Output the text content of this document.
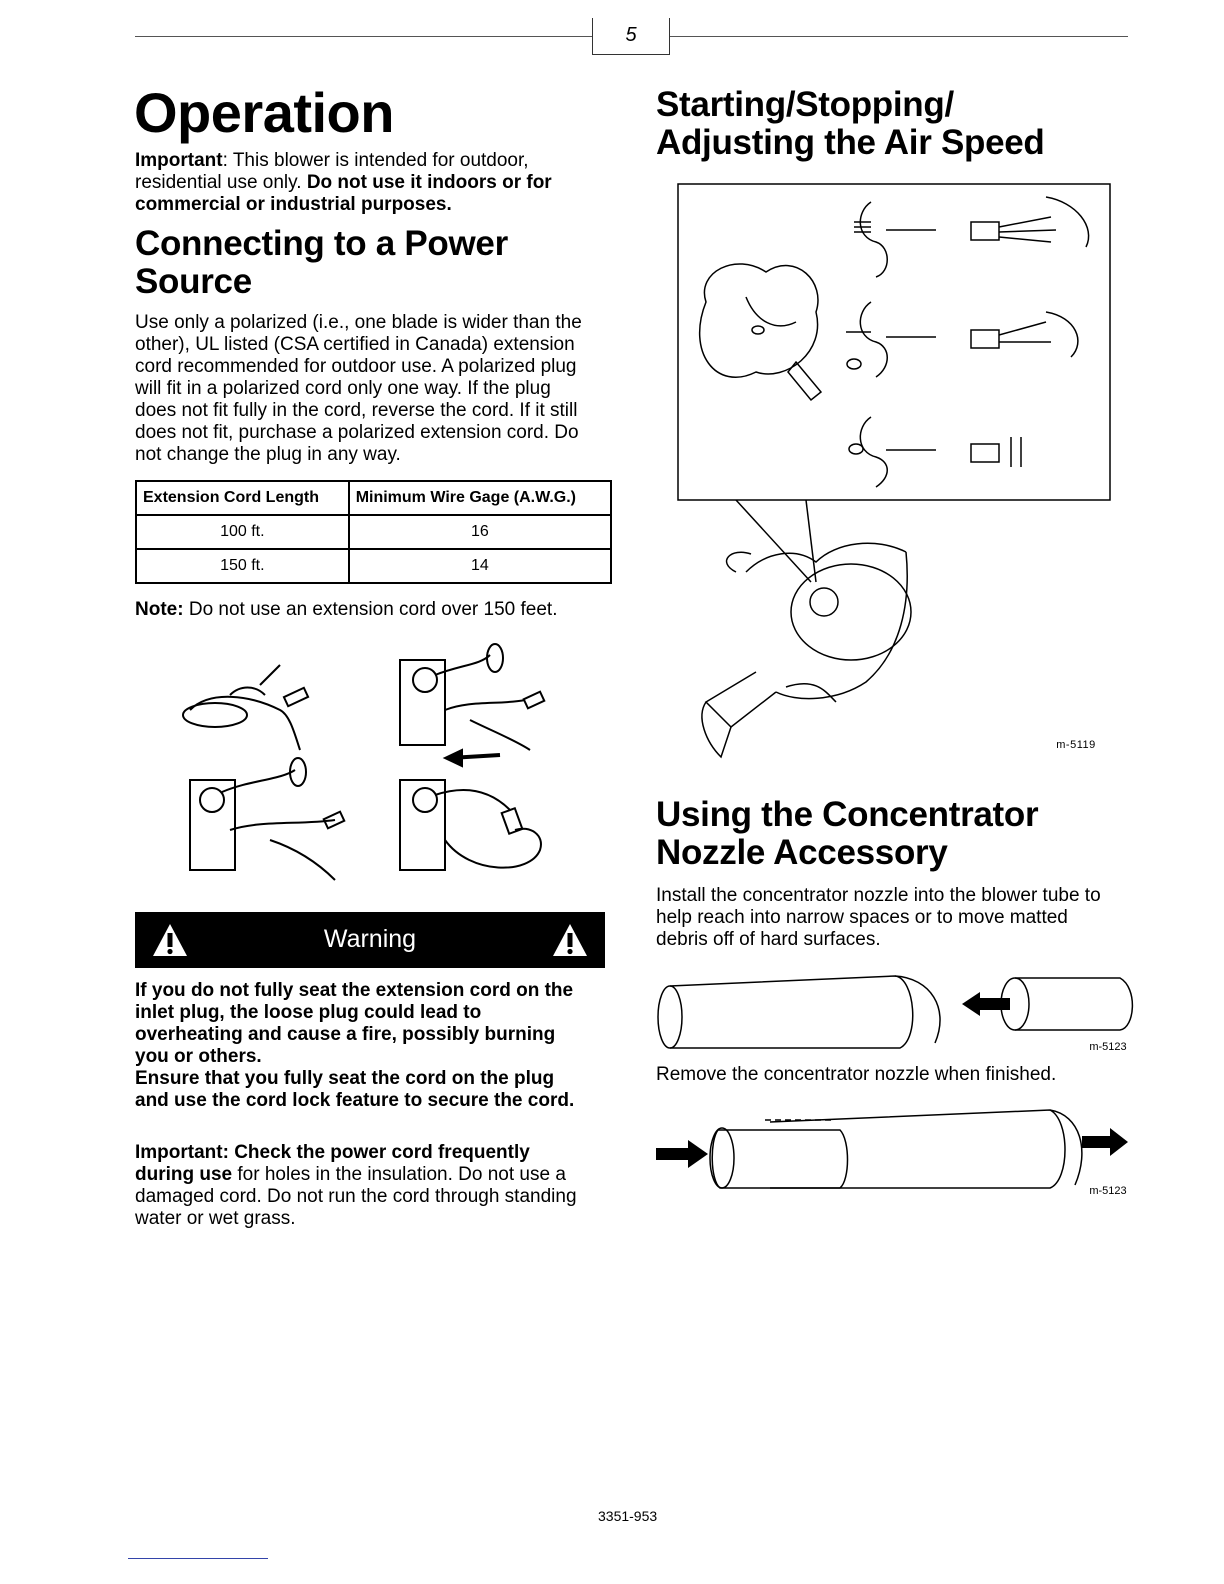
5
Operation
Important: This blower is intended for outdoor, residential use only. Do not use it indoors or for commercial or industrial purposes.
Connecting to a Power
Source
Use only a polarized (i.e., one blade is wider than the
other), UL listed (CSA certified in Canada) extension
cord recommended for outdoor use. A polarized plug
will fit in a polarized cord only one way. If the plug
does not fit fully in the cord, reverse the cord. If it still
does not fit, purchase a polarized extension cord. Do
not change the plug in any way.
Extension Cord Length	Minimum Wire Gage (A.W.G.)
100 ft.	16
150 ft.	14
Note: Do not use an extension cord over 150 feet.
Warning
If you do not fully seat the extension cord on the
inlet plug, the loose plug could lead to
overheating and cause a fire, possibly burning
you or others.
Ensure that you fully seat the cord on the plug
and use the cord lock feature to secure the cord.
Important: Check the power cord frequently
during use for holes in the insulation. Do not use a
damaged cord. Do not run the cord through standing
water or wet grass.
Starting/Stopping/
Adjusting the Air Speed
m-5119
Using the Concentrator
Nozzle Accessory
Install the concentrator nozzle into the blower tube to
help reach into narrow spaces or to move matted
debris off of hard surfaces.
m-5123
Remove the concentrator nozzle when finished.
m-5123
3351-953
